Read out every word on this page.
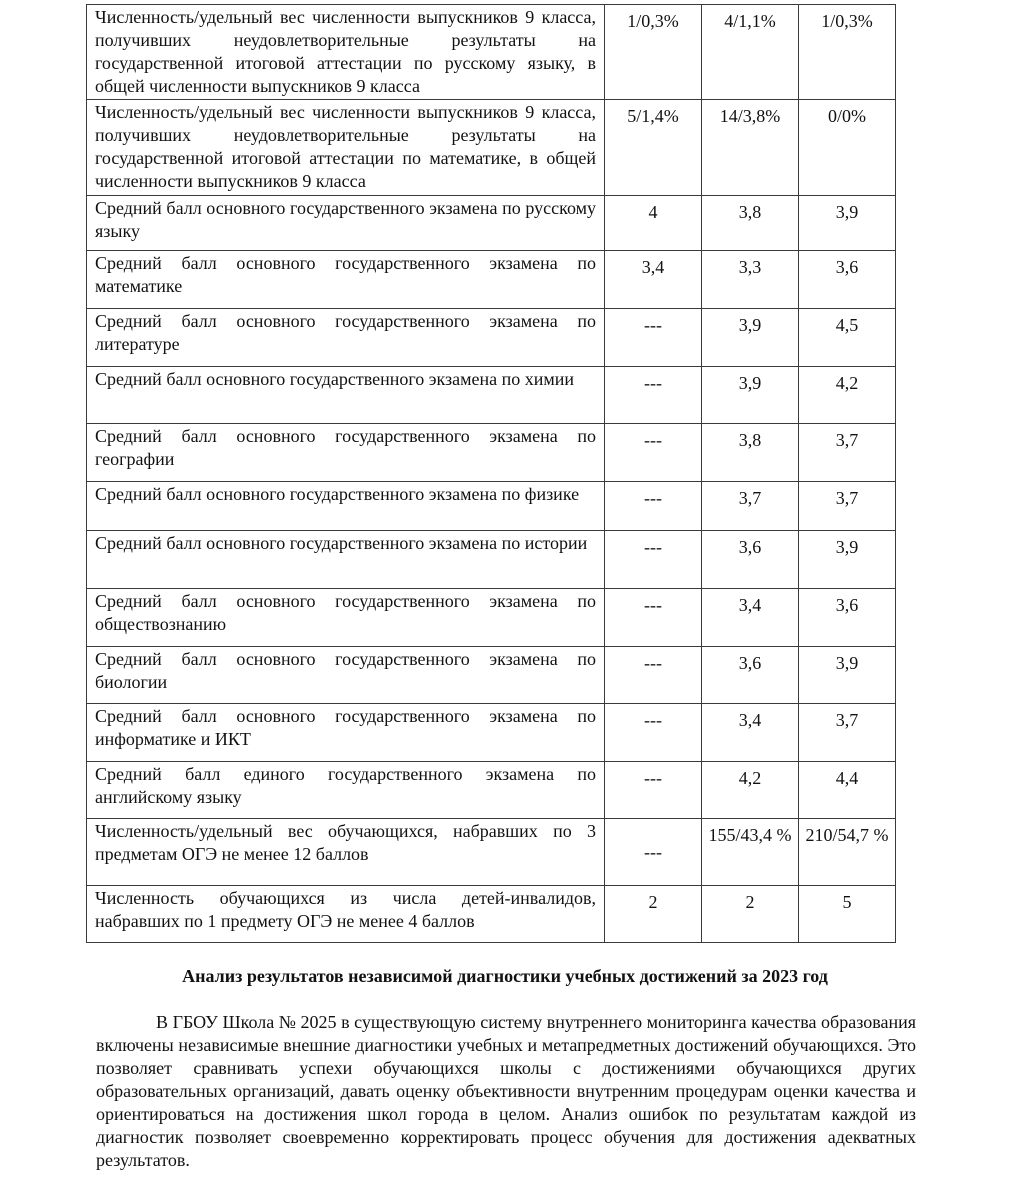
Численность/удельный вес численности выпускников 9 класса, получивших неудовлетворительные результаты на государственной итоговой аттестации по русскому языку, в общей численности выпускников 9 класса	1/0,3%	4/1,1%	1/0,3%
Численность/удельный вес численности выпускников 9 класса, получивших неудовлетворительные результаты на государственной итоговой аттестации по математике, в общей численности выпускников 9 класса	5/1,4%	14/3,8%	0/0%
Средний балл основного государственного экзамена по русскому языку	4	3,8	3,9
Средний балл основного государственного экзамена по математике	3,4	3,3	3,6
Средний балл основного государственного экзамена по литературе	---	3,9	4,5
Средний балл основного государственного экзамена по химии	---	3,9	4,2
Средний балл основного государственного экзамена по географии	---	3,8	3,7
Средний балл основного государственного экзамена по физике	---	3,7	3,7
Средний балл основного государственного экзамена по истории	---	3,6	3,9
Средний балл основного государственного экзамена по обществознанию	---	3,4	3,6
Средний балл основного государственного экзамена по биологии	---	3,6	3,9
Средний балл основного государственного экзамена по информатике и ИКТ	---	3,4	3,7
Средний балл единого государственного экзамена по английскому языку	---	4,2	4,4
Численность/удельный вес обучающихся, набравших по 3 предметам ОГЭ не менее 12 баллов	---	155/43,4 %	210/54,7 %
Численность обучающихся из числа детей-инвалидов, набравших по 1 предмету ОГЭ не менее 4 баллов	2	2	5
Анализ результатов независимой диагностики учебных достижений за 2023 год

В ГБОУ Школа № 2025 в существующую систему внутреннего мониторинга качества образования включены независимые внешние диагностики учебных и метапредметных достижений обучающихся. Это позволяет сравнивать успехи обучающихся школы с достижениями обучающихся других образовательных организаций, давать оценку объективности внутренним процедурам оценки качества и ориентироваться на достижения школ города в целом. Анализ ошибок по результатам каждой из диагностик позволяет своевременно корректировать процесс обучения для достижения адекватных результатов.
